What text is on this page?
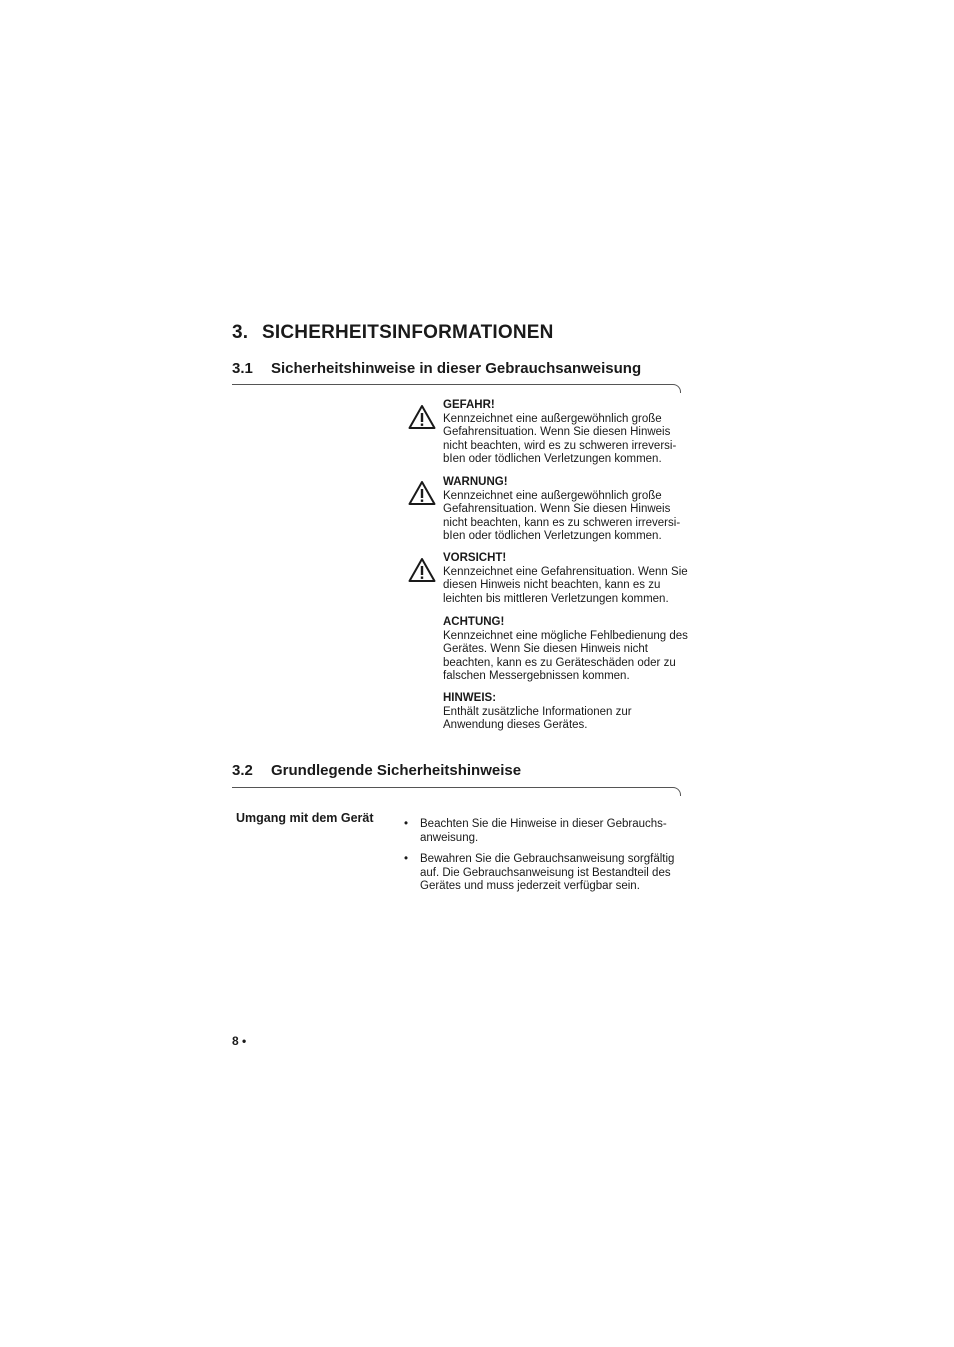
3. SICHERHEITSINFORMATIONEN
3.1 Sicherheitshinweise in dieser Gebrauchsanweisung
GEFAHR!
Kennzeichnet eine außergewöhnlich große
Gefahrensituation. Wenn Sie diesen Hinweis
nicht beachten, wird es zu schweren irreversi-
bIen oder tödlichen Verletzungen kommen.
WARNUNG!
Kennzeichnet eine außergewöhnlich große
Gefahrensituation. Wenn Sie diesen Hinweis
nicht beachten, kann es zu schweren irreversi-
bIen oder tödlichen Verletzungen kommen.
VORSICHT!
Kennzeichnet eine Gefahrensituation. Wenn Sie
diesen Hinweis nicht beachten, kann es zu
leichten bis mittleren Verletzungen kommen.
ACHTUNG!
Kennzeichnet eine mögliche Fehlbedienung des
Gerätes. Wenn Sie diesen Hinweis nicht
beachten, kann es zu Geräteschäden oder zu
falschen Messergebnissen kommen.
HINWEIS:
Enthält zusätzliche Informationen zur
Anwendung dieses Gerätes.
3.2 Grundlegende Sicherheitshinweise
Umgang mit dem Gerät	• Beachten Sie die Hinweise in dieser Gebrauchs-
anweisung.
• Bewahren Sie die Gebrauchsanweisung sorgfältig
auf. Die Gebrauchsanweisung ist Bestandteil des
Gerätes und muss jederzeit verfügbar sein.
8 •
